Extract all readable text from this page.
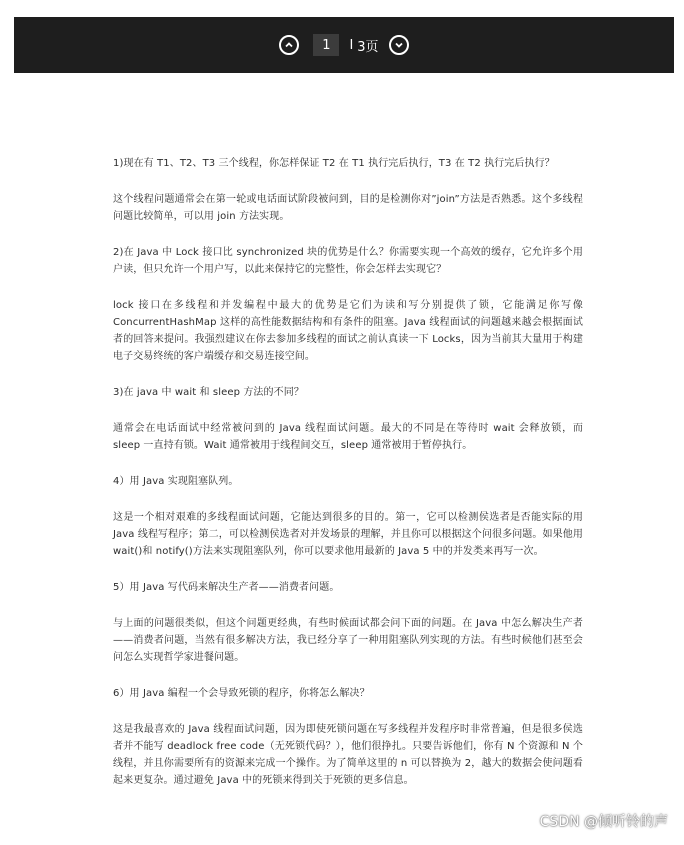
1	I 3页

1)现在有 T1、T2、T3 三个线程，你怎样保证 T2 在 T1 执行完后执行，T3 在 T2 执行完后执行？

这个线程问题通常会在第一轮或电话面试阶段被问到，目的是检测你对”join”方法是否熟悉。这个多线程问题比较简单，可以用 join 方法实现。

2)在 Java 中 Lock 接口比 synchronized 块的优势是什么？你需要实现一个高效的缓存，它允许多个用户读，但只允许一个用户写，以此来保持它的完整性，你会怎样去实现它？

lock 接口在多线程和并发编程中最大的优势是它们为读和写分别提供了锁，它能满足你写像 ConcurrentHashMap 这样的高性能数据结构和有条件的阻塞。Java 线程面试的问题越来越会根据面试者的回答来提问。我强烈建议在你去参加多线程的面试之前认真读一下 Locks，因为当前其大量用于构建电子交易终统的客户端缓存和交易连接空间。

3)在 java 中 wait 和 sleep 方法的不同？

通常会在电话面试中经常被问到的 Java 线程面试问题。最大的不同是在等待时 wait 会释放锁，而 sleep 一直持有锁。Wait 通常被用于线程间交互，sleep 通常被用于暂停执行。

4）用 Java 实现阻塞队列。

这是一个相对艰难的多线程面试问题，它能达到很多的目的。第一，它可以检测侯选者是否能实际的用 Java 线程写程序；第二，可以检测侯选者对并发场景的理解，并且你可以根据这个问很多问题。如果他用 wait()和 notify()方法来实现阻塞队列，你可以要求他用最新的 Java 5 中的并发类来再写一次。

5）用 Java 写代码来解决生产者——消费者问题。

与上面的问题很类似，但这个问题更经典，有些时候面试都会问下面的问题。在 Java 中怎么解决生产者——消费者问题，当然有很多解决方法，我已经分享了一种用阻塞队列实现的方法。有些时候他们甚至会问怎么实现哲学家进餐问题。

6）用 Java 编程一个会导致死锁的程序，你将怎么解决？

这是我最喜欢的 Java 线程面试问题，因为即使死锁问题在写多线程并发程序时非常普遍，但是很多侯选者并不能写 deadlock free code（无死锁代码？），他们很挣扎。只要告诉他们，你有 N 个资源和 N 个线程，并且你需要所有的资源来完成一个操作。为了简单这里的 n 可以替换为 2，越大的数据会使问题看起来更复杂。通过避免 Java 中的死锁来得到关于死锁的更多信息。

CSDN @倾听铃的声
